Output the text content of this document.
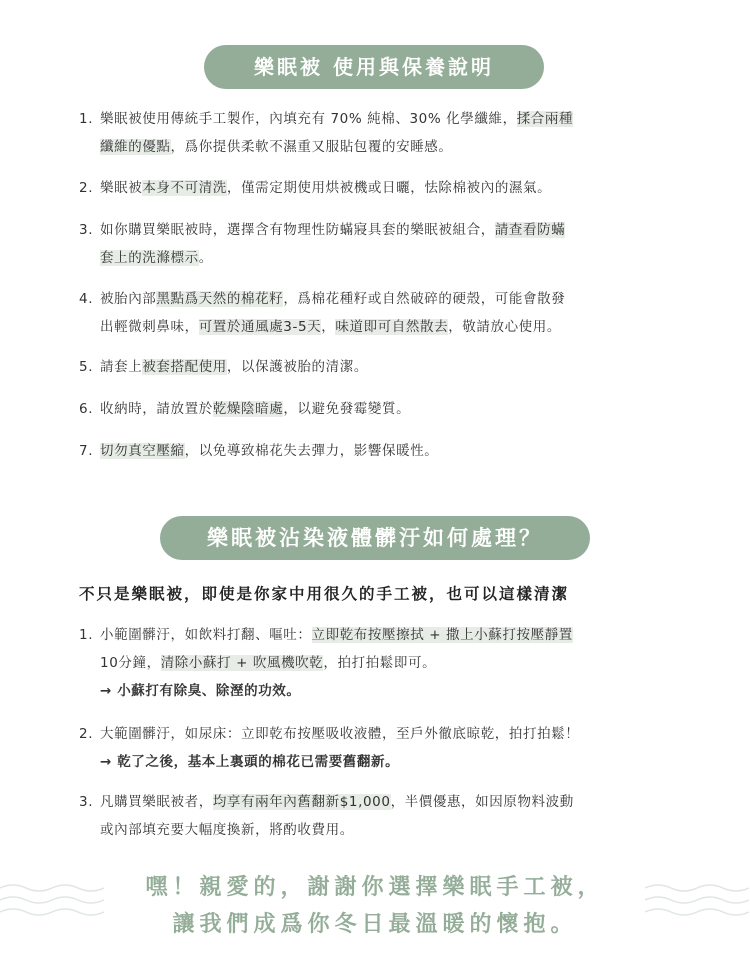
樂眠被 使用與保養說明
1. 樂眠被使用傳統手工製作，內填充有 70% 純棉、30% 化學纖維，揉合兩種

纖維的優點，爲你提供柔軟不濕重又服貼包覆的安睡感。

2. 樂眠被本身不可清洗，僅需定期使用烘被機或日曬，怯除棉被內的濕氣。

3. 如你購買樂眠被時，選擇含有物理性防蟎寢具套的樂眠被組合，請查看防蟎

套上的洗滌標示。

4. 被胎內部黑點爲天然的棉花籽，爲棉花種籽或自然破碎的硬殼，可能會散發

出輕微刺鼻味，可置於通風處3-5天，味道即可自然散去，敬請放心使用。

5. 請套上被套搭配使用，以保護被胎的清潔。

6. 收納時，請放置於乾燥陰暗處，以避免發霉變質。

7. 切勿真空壓縮，以免導致棉花失去彈力，影響保暖性。

樂眠被沾染液體髒汙如何處理？
不只是樂眠被，即使是你家中用很久的手工被，也可以這樣清潔
1. 小範圍髒汙，如飲料打翻、嘔吐：立即乾布按壓擦拭 + 撒上小蘇打按壓靜置

10分鐘，清除小蘇打 + 吹風機吹乾，拍打拍鬆即可。

→ 小蘇打有除臭、除溼的功效。

2. 大範圍髒汙，如尿床：立即乾布按壓吸收液體，至戶外徹底晾乾，拍打拍鬆！

→ 乾了之後，基本上裏頭的棉花已需要舊翻新。

3. 凡購買樂眠被者，均享有兩年內舊翻新$1,000，半價優惠，如因原物料波動

或內部填充要大幅度換新，將酌收費用。

嘿！親愛的，謝謝你選擇樂眠手工被，
讓我們成爲你冬日最溫暖的懷抱。
